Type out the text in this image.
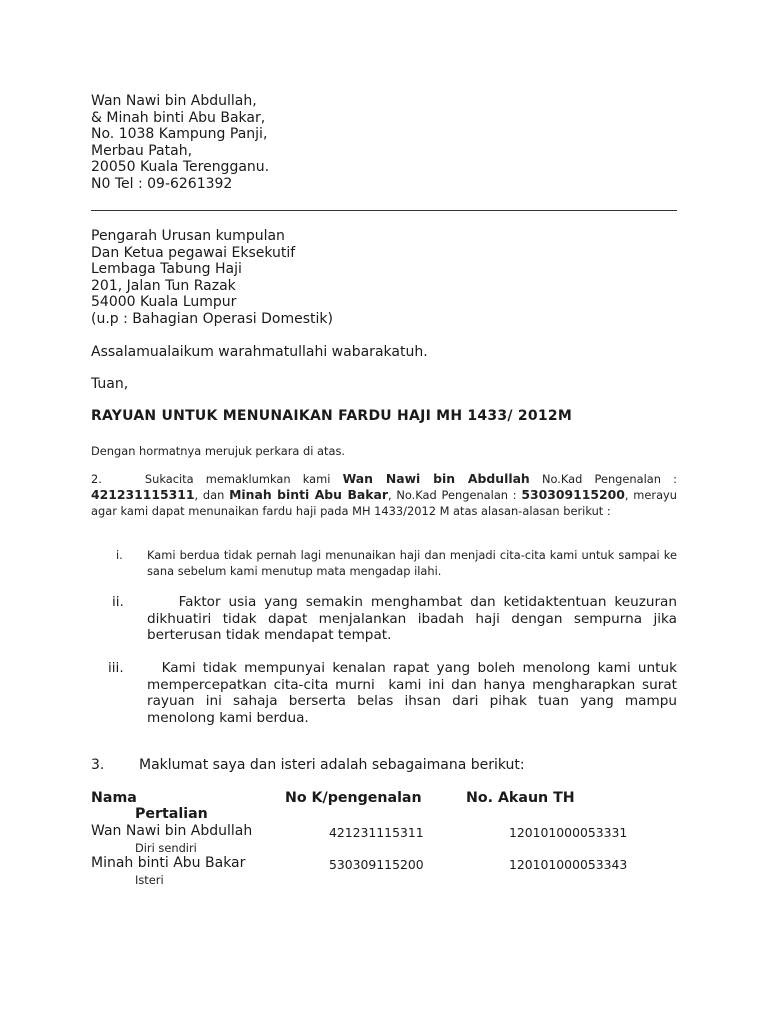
Wan Nawi bin Abdullah,
& Minah binti Abu Bakar,
No. 1038 Kampung Panji,
Merbau Patah,
20050 Kuala Terengganu.
N0 Tel : 09-6261392
Pengarah Urusan kumpulan
Dan Ketua pegawai Eksekutif
Lembaga Tabung Haji
201, Jalan Tun Razak
54000 Kuala Lumpur
(u.p : Bahagian Operasi Domestik)
Assalamualaikum warahmatullahi wabarakatuh.
Tuan,
RAYUAN UNTUK MENUNAIKAN FARDU HAJI MH 1433/ 2012M
Dengan hormatnya merujuk perkara di atas.
2.	Sukacita memaklumkan kami Wan Nawi bin Abdullah No.Kad Pengenalan : 421231115311, dan Minah binti Abu Bakar, No.Kad Pengenalan : 530309115200, merayu agar kami dapat menunaikan fardu haji pada MH 1433/2012 M atas alasan-alasan berikut :
i. Kami berdua tidak pernah lagi menunaikan haji dan menjadi cita-cita kami untuk sampai ke sana sebelum kami menutup mata mengadap ilahi.
ii. Faktor usia yang semakin menghambat dan ketidaktentuan keuzuran dikhuatiri tidak dapat menjalankan ibadah haji dengan sempurna jika berterusan tidak mendapat tempat.
iii. Kami tidak mempunyai kenalan rapat yang boleh menolong kami untuk mempercepatkan cita-cita murni  kami ini dan hanya mengharapkan surat rayuan ini sahaja berserta belas ihsan dari pihak tuan yang mampu menolong kami berdua.
3. Maklumat saya dan isteri adalah sebagaimana berikut:
Nama	No K/pengenalan	No. Akaun TH
Pertalian
Wan Nawi bin Abdullah	421231115311	120101000053331
Diri sendiri
Minah binti Abu Bakar	530309115200	120101000053343
Isteri
